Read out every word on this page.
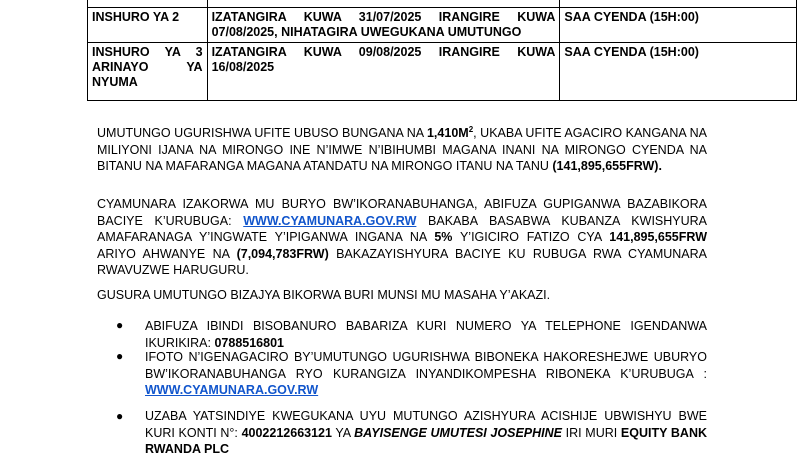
INSHURO YA 2	IZATANGIRA KUWA 31/07/2025 IRANGIRE KUWA 07/08/2025, NIHATAGIRA UWEGUKANA UMUTUNGO	SAA CYENDA (15H:00)
INSHURO YA 3 ARINAYO YA NYUMA	IZATANGIRA KUWA 09/08/2025 IRANGIRE KUWA 16/08/2025	SAA CYENDA (15H:00)
UMUTUNGO UGURISHWA UFITE UBUSO BUNGANA NA $1,410M^2$, UKABA UFITE AGACIRO KANGANA NA MILIYONI IJANA NA MIRONGO INE N’IMWE N’IBIHUMBI MAGANA INANI NA MIRONGO CYENDA NA BITANU NA MAFARANGA MAGANA ATANDATU NA MIRONGO ITANU NA TANU (141,895,655FRW).
CYAMUNARA IZAKORWA MU BURYO BW’IKORANABUHANGA, ABIFUZA GUPIGANWA BAZABIKORA BACIYE K’URUBUGA: WWW.CYAMUNARA.GOV.RW BAKABA BASABWA KUBANZA KWISHYURA AMAFARANAGA Y’INGWATE Y’IPIGANWA INGANA NA 5% Y’IGICIRO FATIZO CYA 141,895,655FRW ARIYO AHWANYE NA (7,094,783FRW) BAKAZAYISHYURA BACIYE KU RUBUGA RWA CYAMUNARA RWAVUZWE HARUGURU.
GUSURA UMUTUNGO BIZAJYA BIKORWA BURI MUNSI MU MASAHA Y’AKAZI.
● ABIFUZA IBINDI BISOBANURO BABARIZA KURI NUMERO YA TELEPHONE IGENDANWA IKURIKIRA: 0788516801
● IFOTO N’IGENAGACIRO BY’UMUTUNGO UGURISHWA BIBONEKA HAKORESHEJWE UBURYO BW’IKORANABUHANGA RYO KURANGIZA INYANDIKOMPESHA RIBONEKA K’URUBUGA : WWW.CYAMUNARA.GOV.RW
● UZABA YATSINDIYE KWEGUKANA UYU MUTUNGO AZISHYURA ACISHIJE UBWISHYU BWE KURI KONTI N°: 4002212663121 YA BAYISENGE UMUTESI JOSEPHINE IRI MURI EQUITY BANK RWANDA PLC
